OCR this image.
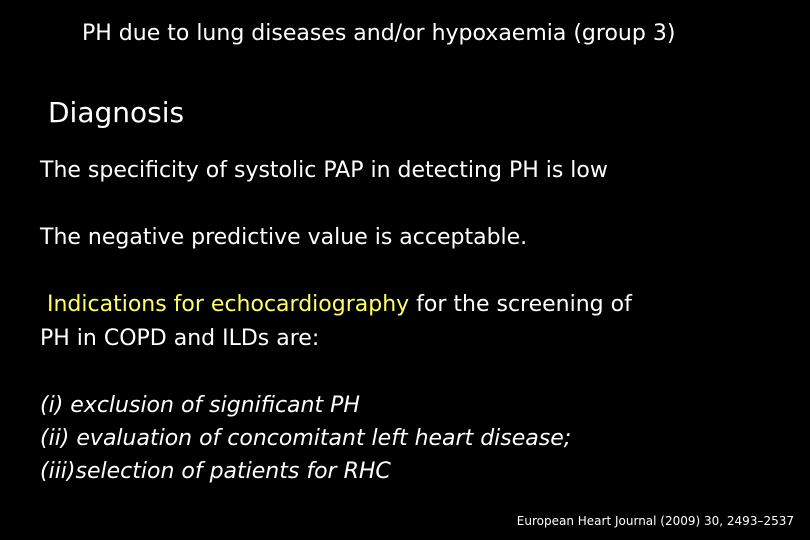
PH due to lung diseases and/or hypoxaemia (group 3)
Diagnosis
The specificity of systolic PAP in detecting PH is low
The negative predictive value is acceptable.
Indications for echocardiography for the screening of
PH in COPD and ILDs are:
(i) exclusion of significant PH
(ii) evaluation of concomitant left heart disease;
(iii)selection of patients for RHC
European Heart Journal (2009) 30, 2493–2537
